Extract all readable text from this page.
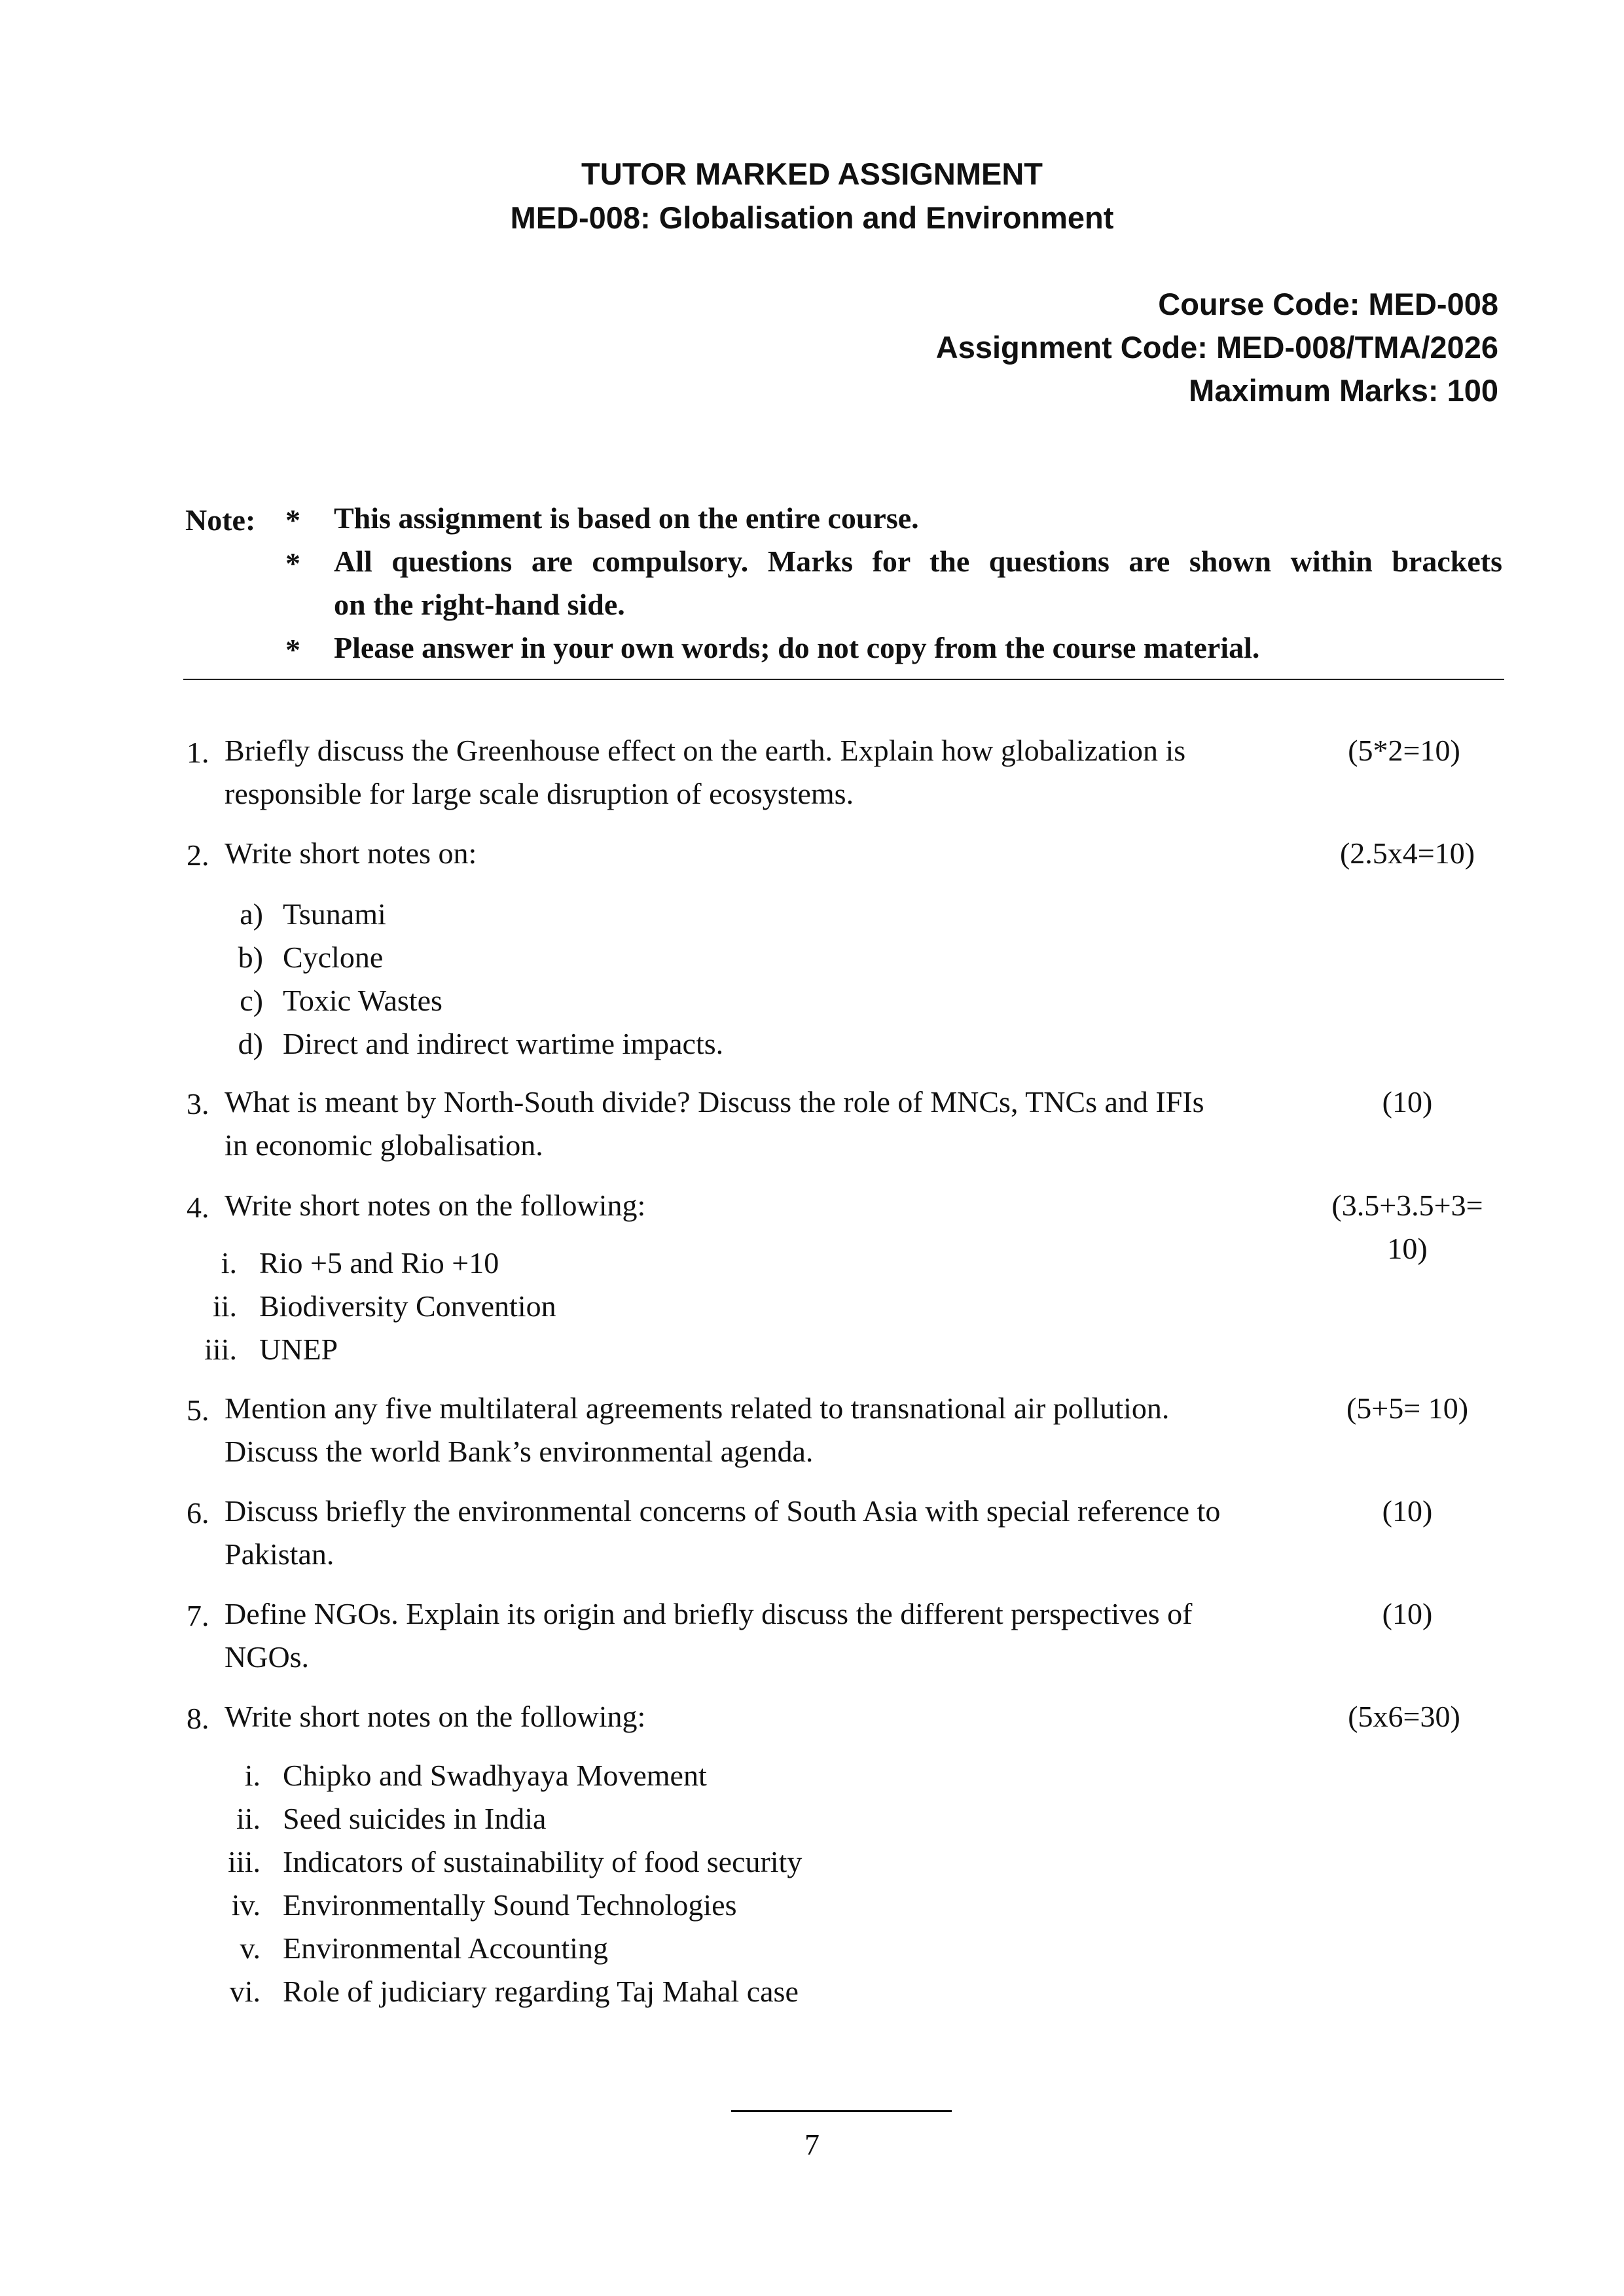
TUTOR MARKED ASSIGNMENT
MED-008: Globalisation and Environment
Course Code: MED-008
Assignment Code: MED-008/TMA/2026
Maximum Marks: 100
Note: *
*
*
This assignment is based on the entire course.
All questions are compulsory. Marks for the questions are shown within brackets
on the right-hand side.
Please answer in your own words; do not copy from the course material.
1. Briefly discuss the Greenhouse effect on the earth. Explain how globalization is
responsible for large scale disruption of ecosystems.
(5*2=10)
2. Write short notes on:	(2.5x4=10)
a) Tsunami
b) Cyclone
c) Toxic Wastes
d) Direct and indirect wartime impacts.
3. What is meant by North-South divide? Discuss the role of MNCs, TNCs and IFIs
in economic globalisation.
(10)
4. Write short notes on the following:	(3.5+3.5+3=
10)
i. Rio +5 and Rio +10
ii. Biodiversity Convention
iii. UNEP
5. Mention any five multilateral agreements related to transnational air pollution.
Discuss the world Bank’s environmental agenda.
(5+5= 10)
6. Discuss briefly the environmental concerns of South Asia with special reference to
Pakistan.
(10)
7. Define NGOs. Explain its origin and briefly discuss the different perspectives of
NGOs.
(10)
8. Write short notes on the following:	(5x6=30)
i. Chipko and Swadhyaya Movement
ii. Seed suicides in India
iii. Indicators of sustainability of food security
iv. Environmentally Sound Technologies
v. Environmental Accounting
vi. Role of judiciary regarding Taj Mahal case
7
